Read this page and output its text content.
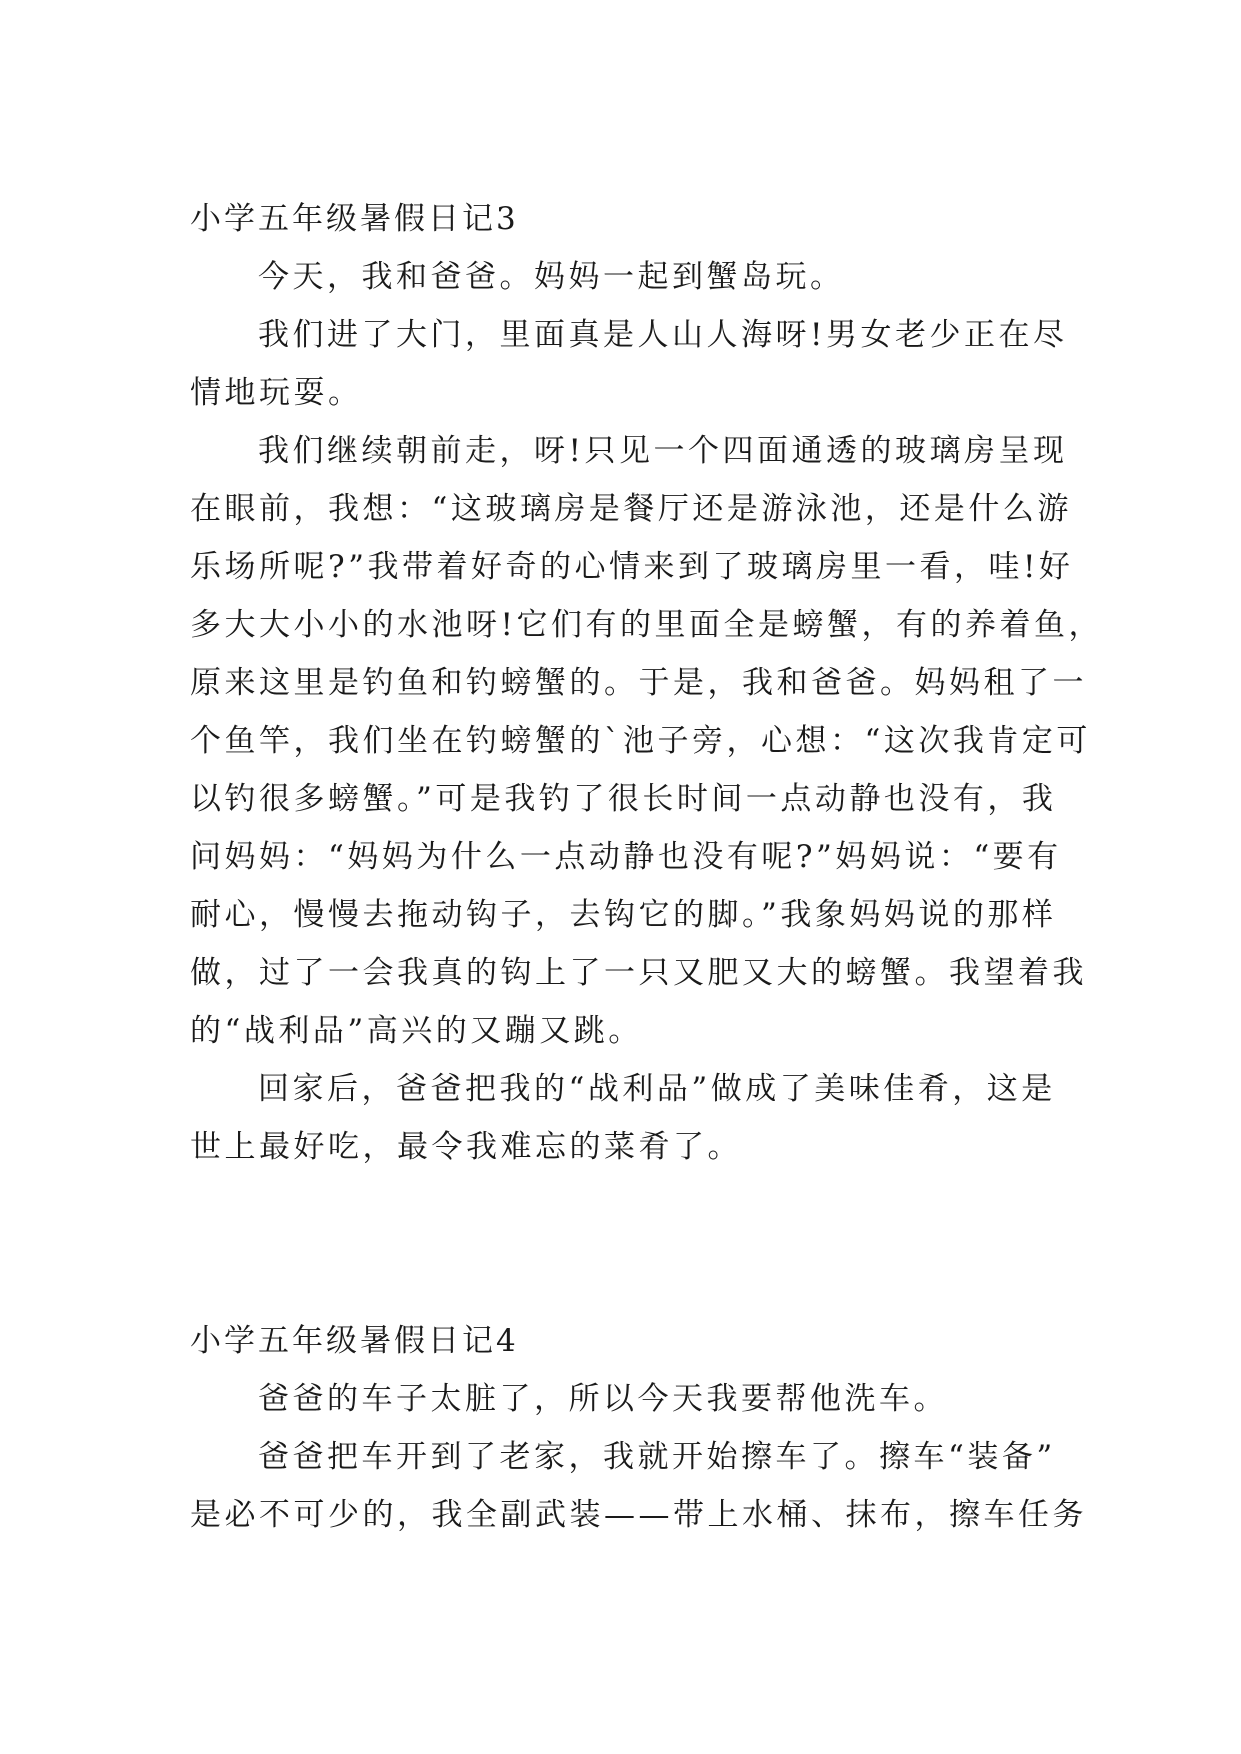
小学五年级暑假日记3
今天，我和爸爸。妈妈一起到蟹岛玩。
我们进了大门，里面真是人山人海呀!男女老少正在尽
情地玩耍。
我们继续朝前走，呀!只见一个四面通透的玻璃房呈现
在眼前，我想：“这玻璃房是餐厅还是游泳池，还是什么游
乐场所呢?”我带着好奇的心情来到了玻璃房里一看，哇!好
多大大小小的水池呀!它们有的里面全是螃蟹，有的养着鱼，
原来这里是钓鱼和钓螃蟹的。于是，我和爸爸。妈妈租了一
个鱼竿，我们坐在钓螃蟹的`池子旁，心想：“这次我肯定可
以钓很多螃蟹。”可是我钓了很长时间一点动静也没有，我
问妈妈：“妈妈为什么一点动静也没有呢?”妈妈说：“要有
耐心，慢慢去拖动钩子，去钩它的脚。”我象妈妈说的那样
做，过了一会我真的钩上了一只又肥又大的螃蟹。我望着我
的“战利品”高兴的又蹦又跳。
回家后，爸爸把我的“战利品”做成了美味佳肴，这是
世上最好吃，最令我难忘的菜肴了。
小学五年级暑假日记4
爸爸的车子太脏了，所以今天我要帮他洗车。
爸爸把车开到了老家，我就开始擦车了。擦车“装备”
是必不可少的，我全副武装——带上水桶、抹布，擦车任务
